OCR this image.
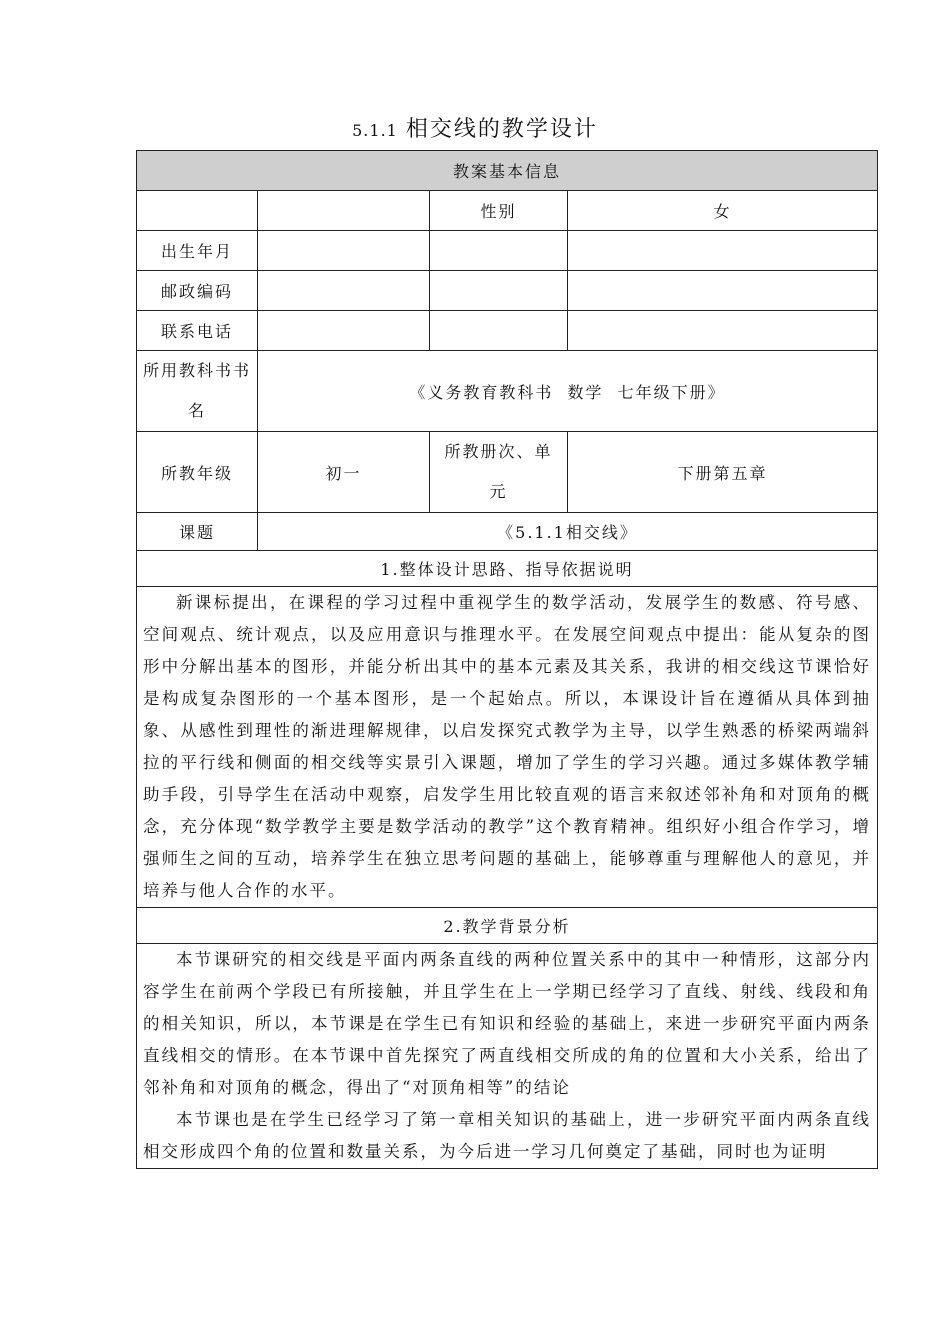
5.1.1 相交线的教学设计
教案基本信息			
		性别	女
出生年月			
邮政编码			
联系电话			
所用教科书书名	《义务教育教科书  数学  七年级下册》		
所教年级	初一	所教册次、单元	下册第五章
课题	《5.1.1相交线》		
1.整体设计思路、指导依据说明			

新课标提出，在课程的学习过程中重视学生的数学活动，发展学生的数感、符号感、空间观点、统计观点，以及应用意识与推理水平。在发展空间观点中提出：能从复杂的图形中分解出基本的图形，并能分析出其中的基本元素及其关系，我讲的相交线这节课恰好是构成复杂图形的一个基本图形，是一个起始点。所以，本课设计旨在遵循从具体到抽象、从感性到理性的渐进理解规律，以启发探究式教学为主导，以学生熟悉的桥梁两端斜拉的平行线和侧面的相交线等实景引入课题，增加了学生的学习兴趣。通过多媒体教学辅助手段，引导学生在活动中观察，启发学生用比较直观的语言来叙述邻补角和对顶角的概念，充分体现“数学教学主要是数学活动的教学”这个教育精神。组织好小组合作学习，增强师生之间的互动，培养学生在独立思考问题的基础上，能够尊重与理解他人的意见，并培养与他人合作的水平。			

2.教学背景分析			

本节课研究的相交线是平面内两条直线的两种位置关系中的其中一种情形，这部分内容学生在前两个学段已有所接触，并且学生在上一学期已经学习了直线、射线、线段和角的相关知识，所以，本节课是在学生已有知识和经验的基础上，来进一步研究平面内两条直线相交的情形。在本节课中首先探究了两直线相交所成的角的位置和大小关系，给出了邻补角和对顶角的概念，得出了“对顶角相等”的结论

本节课也是在学生已经学习了第一章相关知识的基础上，进一步研究平面内两条直线相交形成四个角的位置和数量关系，为今后进一学习几何奠定了基础，同时也为证明			
